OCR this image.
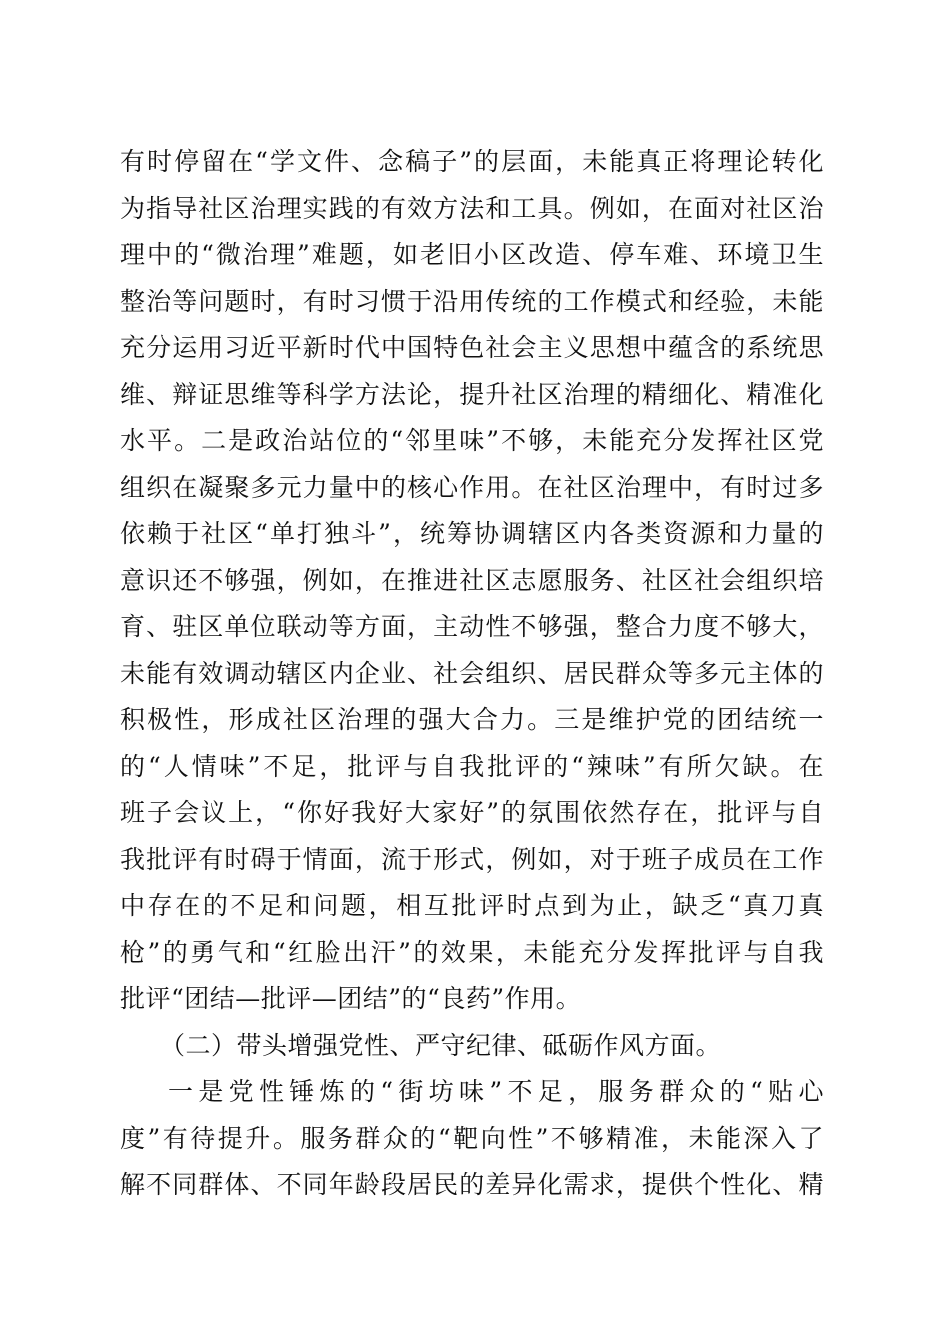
有时停留在“学文件、念稿子”的层面，未能真正将理论转化
为指导社区治理实践的有效方法和工具。例如，在面对社区治
理中的“微治理”难题，如老旧小区改造、停车难、环境卫生
整治等问题时，有时习惯于沿用传统的工作模式和经验，未能
充分运用习近平新时代中国特色社会主义思想中蕴含的系统思
维、辩证思维等科学方法论，提升社区治理的精细化、精准化
水平。二是政治站位的“邻里味”不够，未能充分发挥社区党
组织在凝聚多元力量中的核心作用。在社区治理中，有时过多
依赖于社区“单打独斗”，统筹协调辖区内各类资源和力量的
意识还不够强，例如，在推进社区志愿服务、社区社会组织培
育、驻区单位联动等方面，主动性不够强，整合力度不够大，
未能有效调动辖区内企业、社会组织、居民群众等多元主体的
积极性，形成社区治理的强大合力。三是维护党的团结统一
的“人情味”不足，批评与自我批评的“辣味”有所欠缺。在
班子会议上，“你好我好大家好”的氛围依然存在，批评与自
我批评有时碍于情面，流于形式，例如，对于班子成员在工作
中存在的不足和问题，相互批评时点到为止，缺乏“真刀真
枪”的勇气和“红脸出汗”的效果，未能充分发挥批评与自我
批评“团结—批评—团结”的“良药”作用。
（二）带头增强党性、严守纪律、砥砺作风方面。
一是党性锤炼的“街坊味”不足，服务群众的“贴心
度”有待提升。服务群众的“靶向性”不够精准，未能深入了
解不同群体、不同年龄段居民的差异化需求，提供个性化、精
